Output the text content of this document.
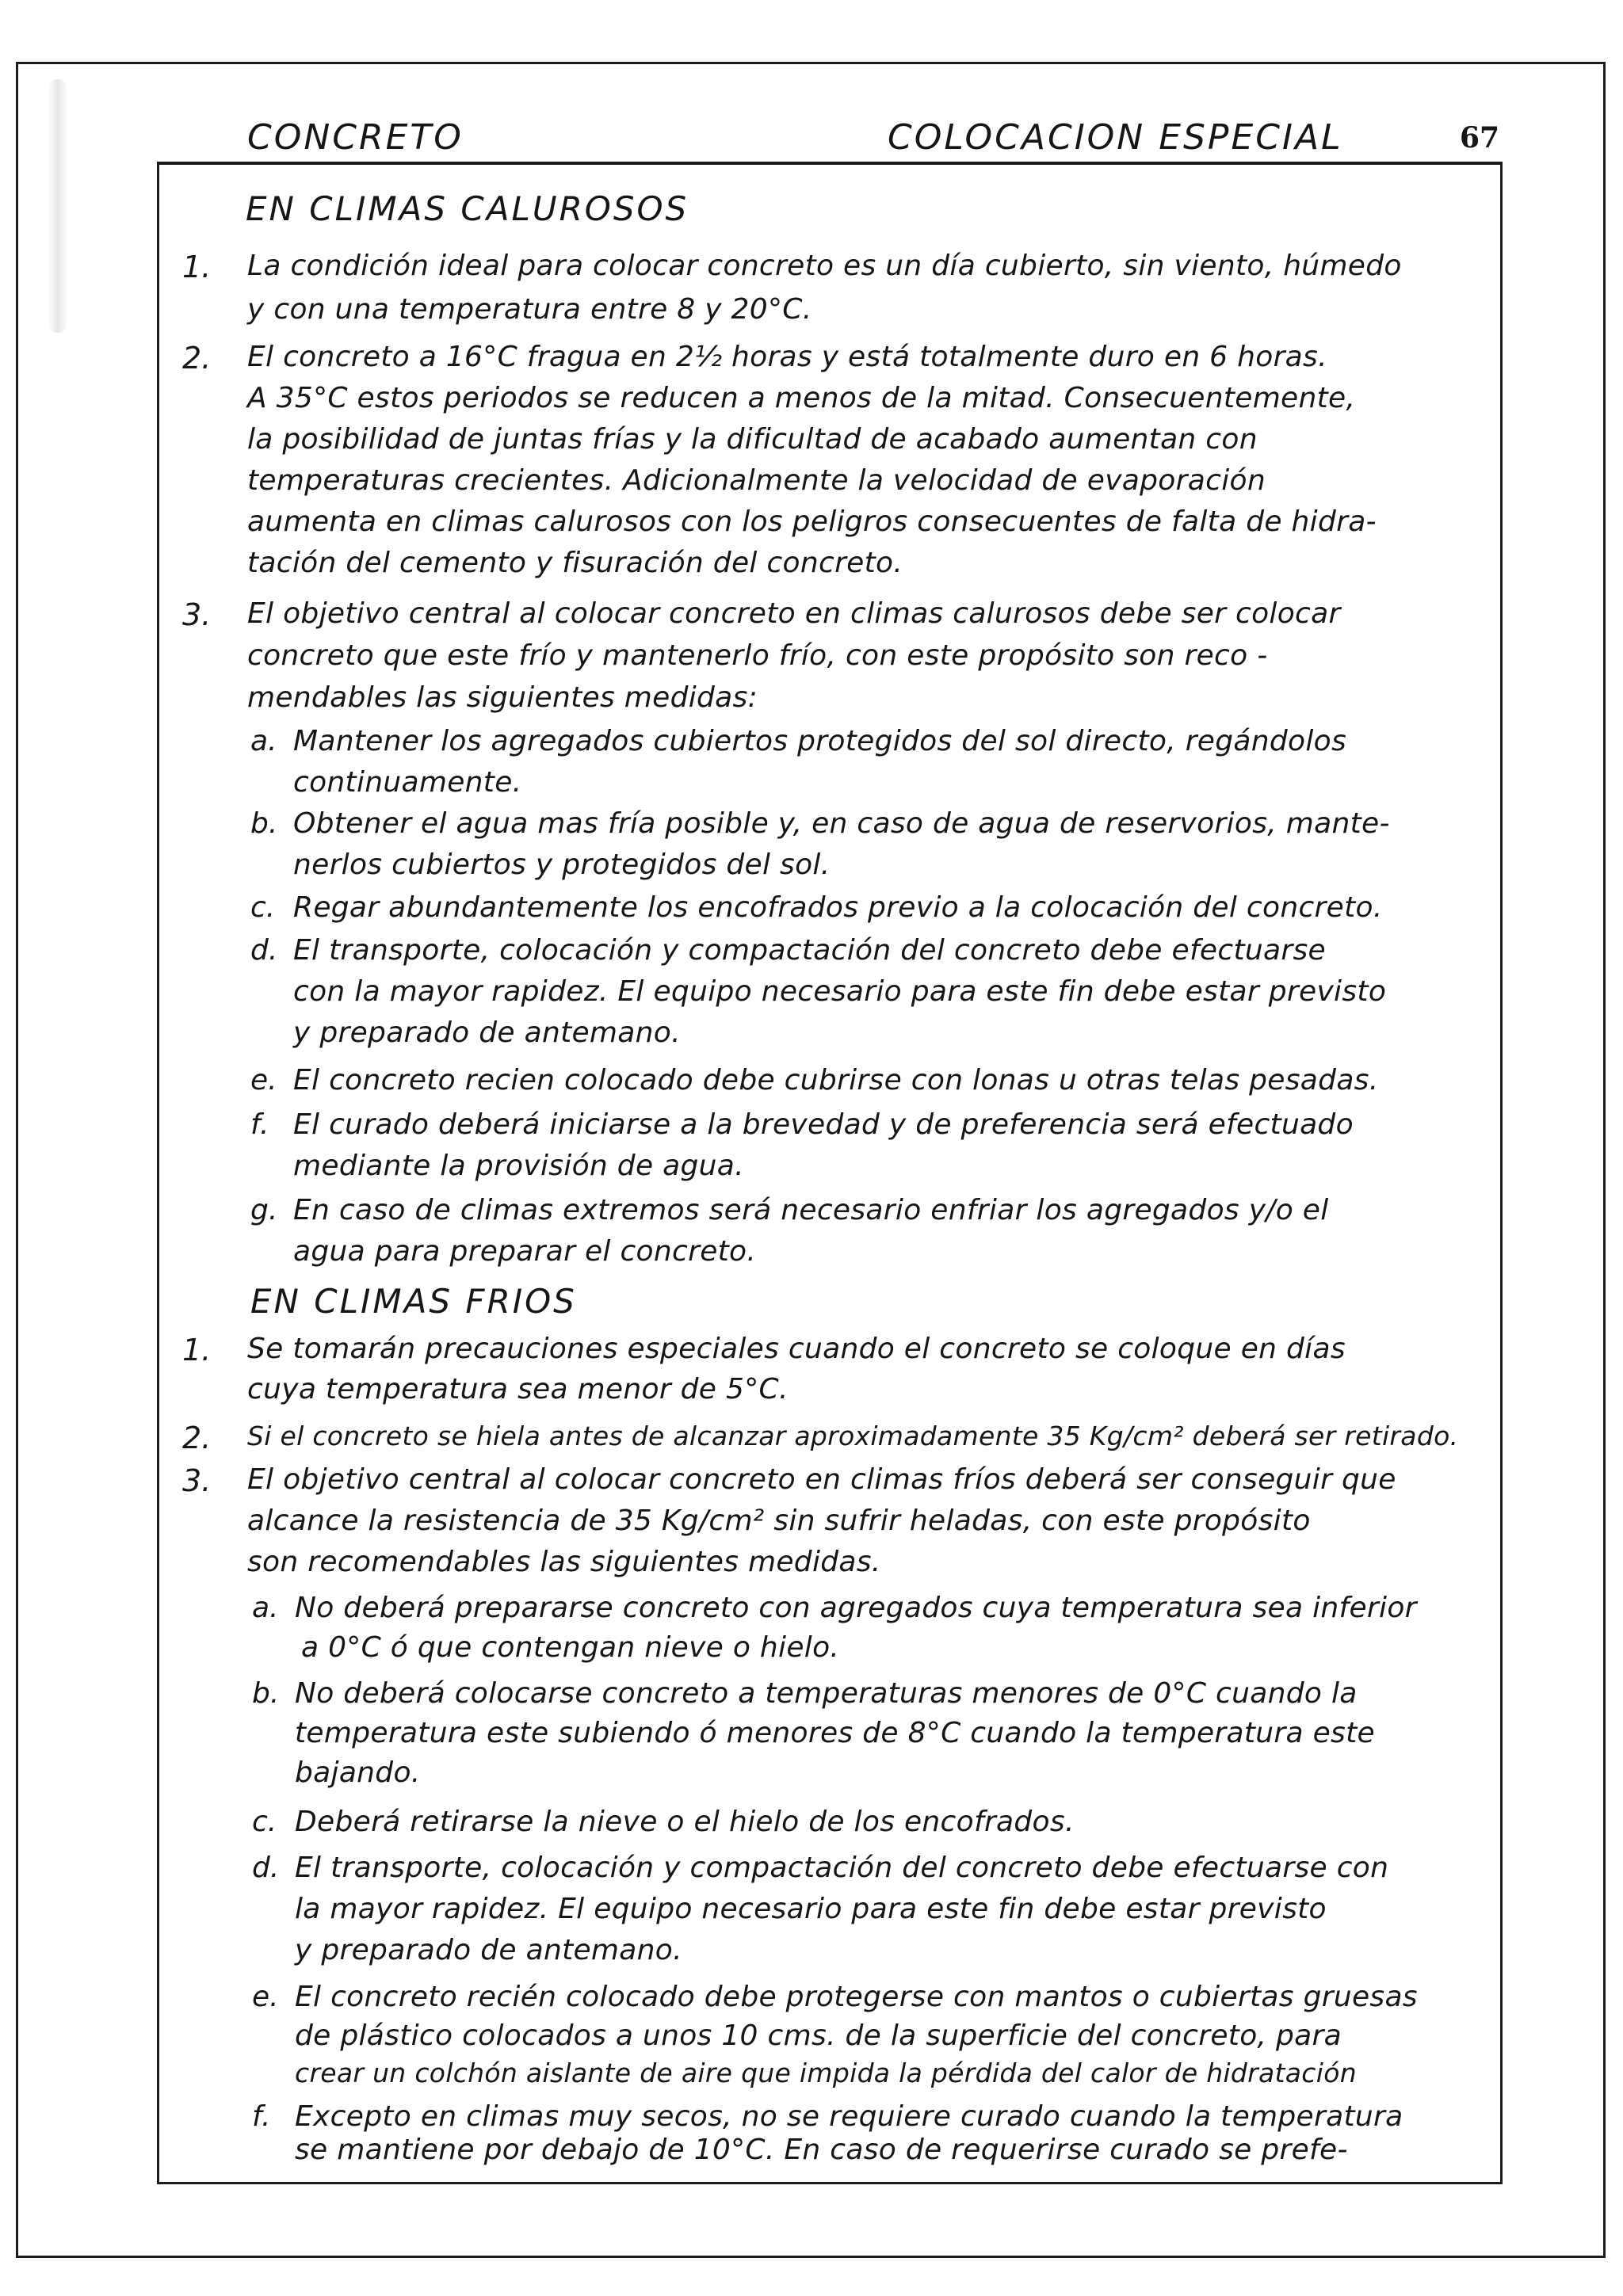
CONCRETO	COLOCACION ESPECIAL	67
EN CLIMAS CALUROSOS
1. La condición ideal para colocar concreto es un día cubierto, sin viento, húmedo
y con una temperatura entre 8 y 20°C.
2. El concreto a 16°C fragua en 2½ horas y está totalmente duro en 6 horas.
A 35°C estos periodos se reducen a menos de la mitad. Consecuentemente,
la posibilidad de juntas frías y la dificultad de acabado aumentan con
temperaturas crecientes. Adicionalmente la velocidad de evaporación
aumenta en climas calurosos con los peligros consecuentes de falta de hidra-
tación del cemento y fisuración del concreto.
3. El objetivo central al colocar concreto en climas calurosos debe ser colocar
concreto que este frío y mantenerlo frío, con este propósito son reco -
mendables las siguientes medidas:
a. Mantener los agregados cubiertos protegidos del sol directo, regándolos
continuamente.
b. Obtener el agua mas fría posible y, en caso de agua de reservorios, mante-
nerlos cubiertos y protegidos del sol.
c. Regar abundantemente los encofrados previo a la colocación del concreto.
d. El transporte, colocación y compactación del concreto debe efectuarse
con la mayor rapidez. El equipo necesario para este fin debe estar previsto
y preparado de antemano.
e. El concreto recien colocado debe cubrirse con lonas u otras telas pesadas.
f. El curado deberá iniciarse a la brevedad y de preferencia será efectuado
mediante la provisión de agua.
g. En caso de climas extremos será necesario enfriar los agregados y/o el
agua para preparar el concreto.
EN CLIMAS FRIOS
1. Se tomarán precauciones especiales cuando el concreto se coloque en días
cuya temperatura sea menor de 5°C.
2. Si el concreto se hiela antes de alcanzar aproximadamente 35 Kg/cm² deberá ser retirado.
3. El objetivo central al colocar concreto en climas fríos deberá ser conseguir que
alcance la resistencia de 35 Kg/cm² sin sufrir heladas, con este propósito
son recomendables las siguientes medidas.
a. No deberá prepararse concreto con agregados cuya temperatura sea inferior
a 0°C ó que contengan nieve o hielo.
b. No deberá colocarse concreto a temperaturas menores de 0°C cuando la
temperatura este subiendo ó menores de 8°C cuando la temperatura este
bajando.
c. Deberá retirarse la nieve o el hielo de los encofrados.
d. El transporte, colocación y compactación del concreto debe efectuarse con
la mayor rapidez. El equipo necesario para este fin debe estar previsto
y preparado de antemano.
e. El concreto recién colocado debe protegerse con mantos o cubiertas gruesas
de plástico colocados a unos 10 cms. de la superficie del concreto, para
crear un colchón aislante de aire que impida la pérdida del calor de hidratación
f. Excepto en climas muy secos, no se requiere curado cuando la temperatura
se mantiene por debajo de 10°C. En caso de requerirse curado se prefe-
